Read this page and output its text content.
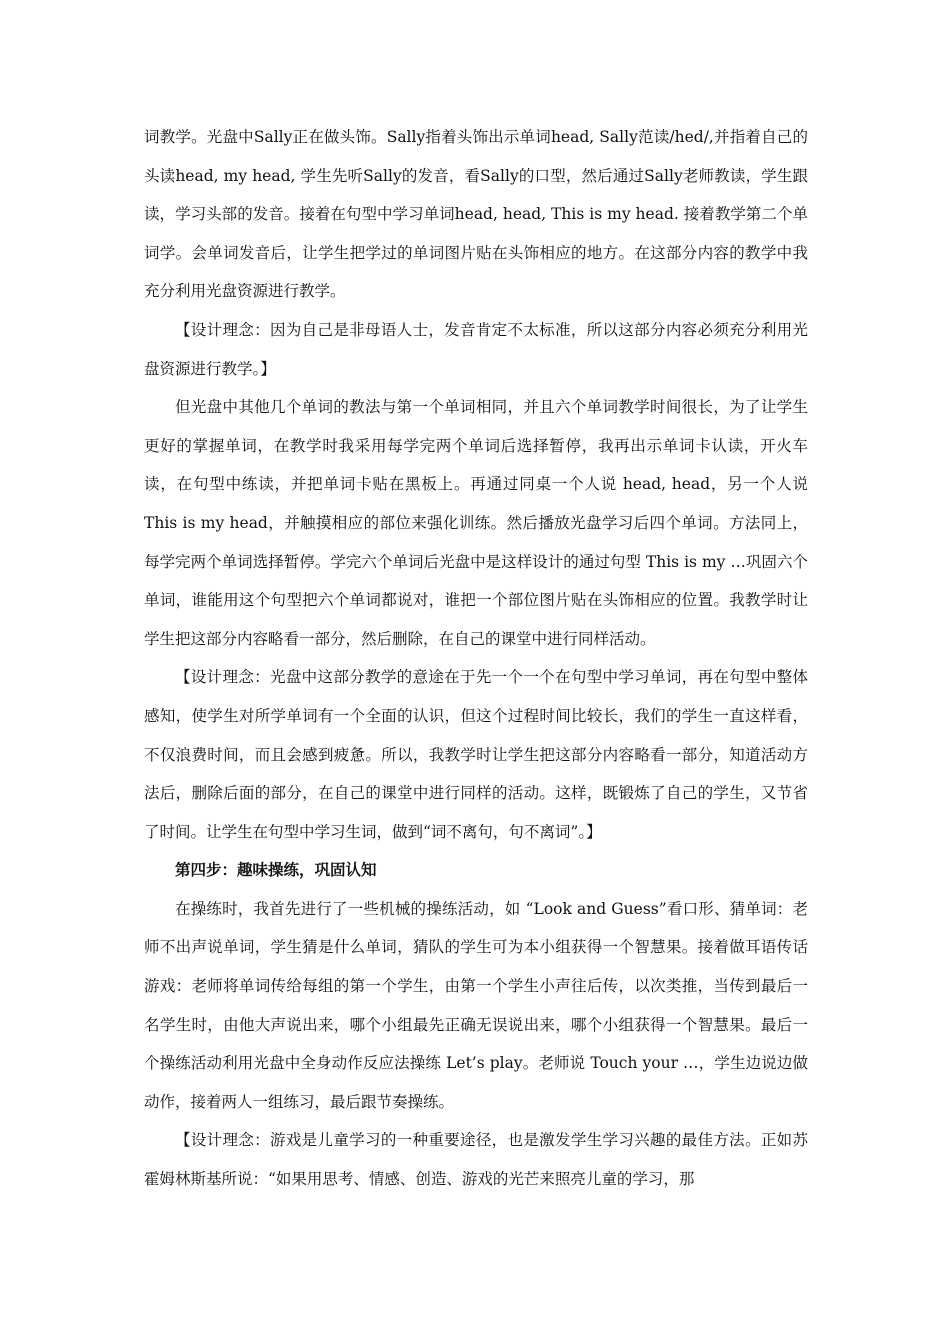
词教学。光盘中Sally正在做头饰。Sally指着头饰出示单词head, Sally范读/hed/,并指着自己的头读head, my head, 学生先听Sally的发音，看Sally的口型，然后通过Sally老师教读，学生跟读，学习头部的发音。接着在句型中学习单词head, head, This is my head. 接着教学第二个单词学。会单词发音后，让学生把学过的单词图片贴在头饰相应的地方。在这部分内容的教学中我充分利用光盘资源进行教学。

【设计理念：因为自己是非母语人士，发音肯定不太标准，所以这部分内容必须充分利用光盘资源进行教学。】

但光盘中其他几个单词的教法与第一个单词相同，并且六个单词教学时间很长，为了让学生更好的掌握单词，在教学时我采用每学完两个单词后选择暂停，我再出示单词卡认读，开火车读，在句型中练读，并把单词卡贴在黑板上。再通过同桌一个人说 head, head，另一个人说 This is my head，并触摸相应的部位来强化训练。然后播放光盘学习后四个单词。方法同上，每学完两个单词选择暂停。学完六个单词后光盘中是这样设计的通过句型 This is my …巩固六个单词，谁能用这个句型把六个单词都说对，谁把一个部位图片贴在头饰相应的位置。我教学时让学生把这部分内容略看一部分，然后删除，在自己的课堂中进行同样活动。

【设计理念：光盘中这部分教学的意途在于先一个一个在句型中学习单词，再在句型中整体感知，使学生对所学单词有一个全面的认识，但这个过程时间比较长，我们的学生一直这样看，不仅浪费时间，而且会感到疲惫。所以，我教学时让学生把这部分内容略看一部分，知道活动方法后，删除后面的部分，在自己的课堂中进行同样的活动。这样，既锻炼了自己的学生，又节省了时间。让学生在句型中学习生词，做到“词不离句，句不离词”。】

第四步：趣味操练，巩固认知

在操练时，我首先进行了一些机械的操练活动，如 “Look and Guess”看口形、猜单词：老师不出声说单词，学生猜是什么单词，猜队的学生可为本小组获得一个智慧果。接着做耳语传话游戏：老师将单词传给每组的第一个学生，由第一个学生小声往后传，以次类推，当传到最后一名学生时，由他大声说出来，哪个小组最先正确无误说出来，哪个小组获得一个智慧果。最后一个操练活动利用光盘中全身动作反应法操练 Let’s play。老师说 Touch your …，学生边说边做动作，接着两人一组练习，最后跟节奏操练。

【设计理念：游戏是儿童学习的一种重要途径，也是激发学生学习兴趣的最佳方法。正如苏霍姆林斯基所说：“如果用思考、情感、创造、游戏的光芒来照亮儿童的学习，那
